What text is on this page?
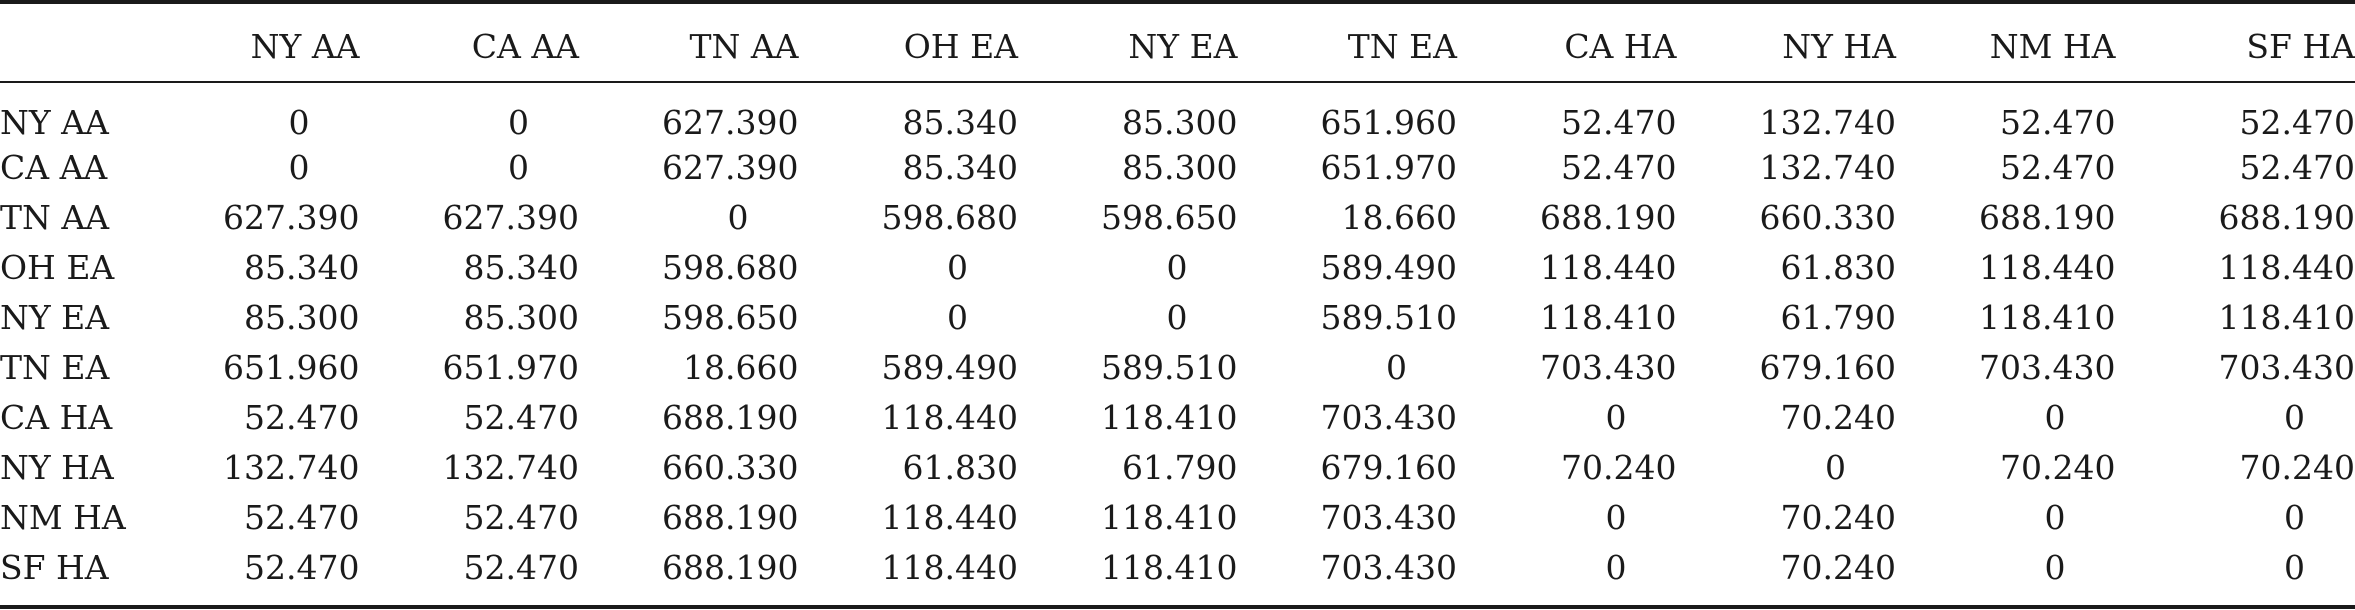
	NY AA	CA AA	TN AA	OH EA	NY EA	TN EA	CA HA	NY HA	NM HA	SF HA
NY AA	0	0	627.390	85.340	85.300	651.960	52.470	132.740	52.470	52.470
CA AA	0	0	627.390	85.340	85.300	651.970	52.470	132.740	52.470	52.470
TN AA	627.390	627.390	0	598.680	598.650	18.660	688.190	660.330	688.190	688.190
OH EA	85.340	85.340	598.680	0	0	589.490	118.440	61.830	118.440	118.440
NY EA	85.300	85.300	598.650	0	0	589.510	118.410	61.790	118.410	118.410
TN EA	651.960	651.970	18.660	589.490	589.510	0	703.430	679.160	703.430	703.430
CA HA	52.470	52.470	688.190	118.440	118.410	703.430	0	70.240	0	0
NY HA	132.740	132.740	660.330	61.830	61.790	679.160	70.240	0	70.240	70.240
NM HA	52.470	52.470	688.190	118.440	118.410	703.430	0	70.240	0	0
SF HA	52.470	52.470	688.190	118.440	118.410	703.430	0	70.240	0	0
